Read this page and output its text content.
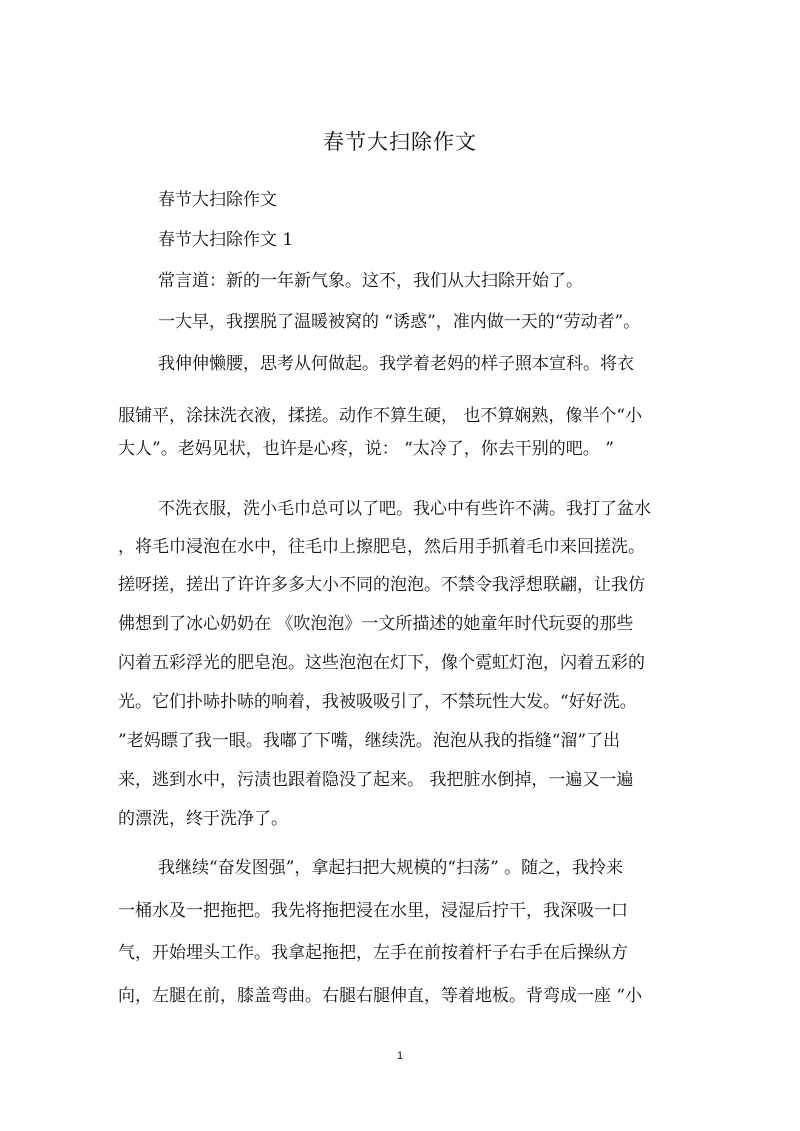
春节大扫除作文
春节大扫除作文
春节大扫除作文 1
常言道：新的一年新气象。这不，我们从大扫除开始了。
一大早，我摆脱了温暖被窝的 “诱惑”，准内做一天的“劳动者”。
我伸伸懒腰，思考从何做起。我学着老妈的样子照本宣科。将衣
服铺平，涂抹洗衣液，揉搓。动作不算生硬， 也不算娴熟，像半个“小
大人”。老妈见状，也许是心疼，说： “太冷了，你去干别的吧。 ”
不洗衣服，洗小毛巾总可以了吧。我心中有些许不满。我打了盆水
，将毛巾浸泡在水中，往毛巾上擦肥皂，然后用手抓着毛巾来回搓洗。
搓呀搓，搓出了许许多多大小不同的泡泡。不禁令我浮想联翩，让我仿
佛想到了冰心奶奶在 《吹泡泡》一文所描述的她童年时代玩耍的那些
闪着五彩浮光的肥皂泡。这些泡泡在灯下，像个霓虹灯泡，闪着五彩的
光。它们扑哧扑哧的响着，我被吸吸引了，不禁玩性大发。“好好洗。
”老妈瞟了我一眼。我嘟了下嘴，继续洗。泡泡从我的指缝“溜”了出
来，逃到水中，污渍也跟着隐没了起来。 我把脏水倒掉，一遍又一遍
的漂洗，终于洗净了。
我继续“奋发图强”，拿起扫把大规模的“扫荡” 。随之，我拎来
一桶水及一把拖把。我先将拖把浸在水里，浸湿后拧干，我深吸一口
气，开始埋头工作。我拿起拖把，左手在前按着杆子右手在后操纵方
向，左腿在前，膝盖弯曲。右腿右腿伸直，等着地板。背弯成一座 “小
1
